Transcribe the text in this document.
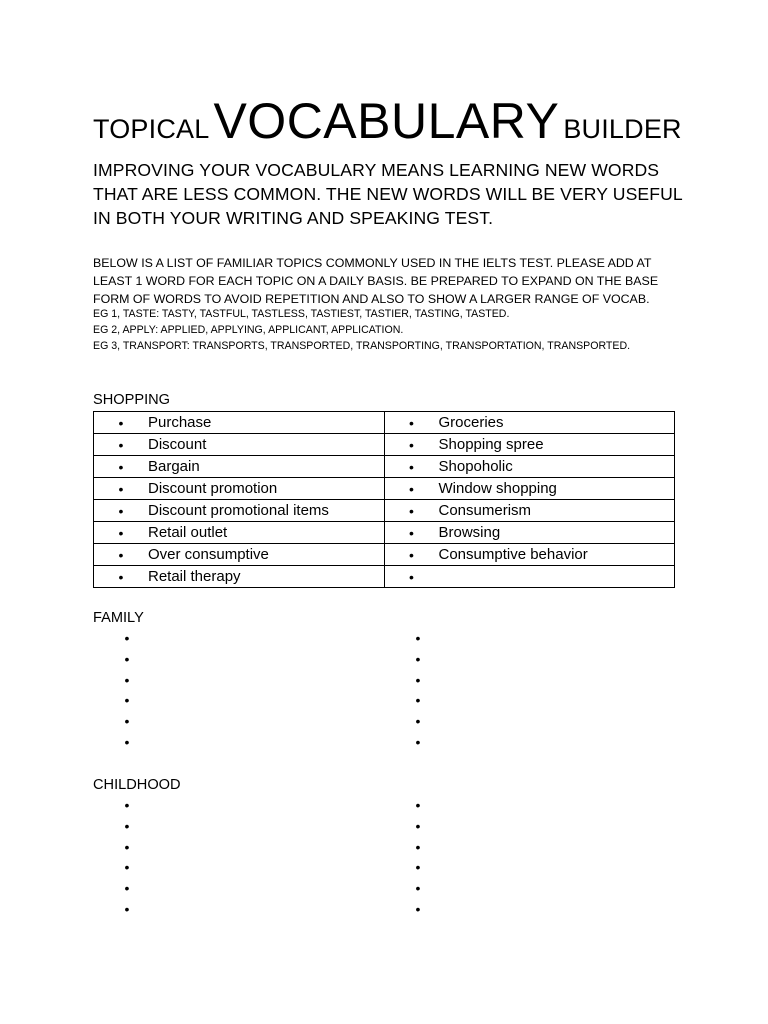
TOPICAL VOCABULARY BUILDER
IMPROVING YOUR VOCABULARY MEANS LEARNING NEW WORDS
THAT ARE LESS COMMON. THE NEW WORDS WILL BE VERY USEFUL
IN BOTH YOUR WRITING AND SPEAKING TEST.
BELOW IS A LIST OF FAMILIAR TOPICS COMMONLY USED IN THE IELTS TEST. PLEASE ADD AT
LEAST 1 WORD FOR EACH TOPIC ON A DAILY BASIS. BE PREPARED TO EXPAND ON THE BASE
FORM OF WORDS TO AVOID REPETITION AND ALSO TO SHOW A LARGER RANGE OF VOCAB.
EG 1, TASTE: TASTY, TASTFUL, TASTLESS, TASTIEST, TASTIER, TASTING, TASTED.
EG 2, APPLY: APPLIED, APPLYING, APPLICANT, APPLICATION.
EG 3, TRANSPORT: TRANSPORTS, TRANSPORTED, TRANSPORTING, TRANSPORTATION, TRANSPORTED.
SHOPPING
• Purchase	• Groceries

• Discount	• Shopping spree

• Bargain	• Shopoholic

• Discount promotion	• Window shopping

• Discount promotional items	• Consumerism

• Retail outlet	• Browsing

• Over consumptive	• Consumptive behavior

• Retail therapy	•
FAMILY
•	•
•	•
•	•
•	•
•	•
•	•
CHILDHOOD
•	•
•	•
•	•
•	•
•	•
•	•
